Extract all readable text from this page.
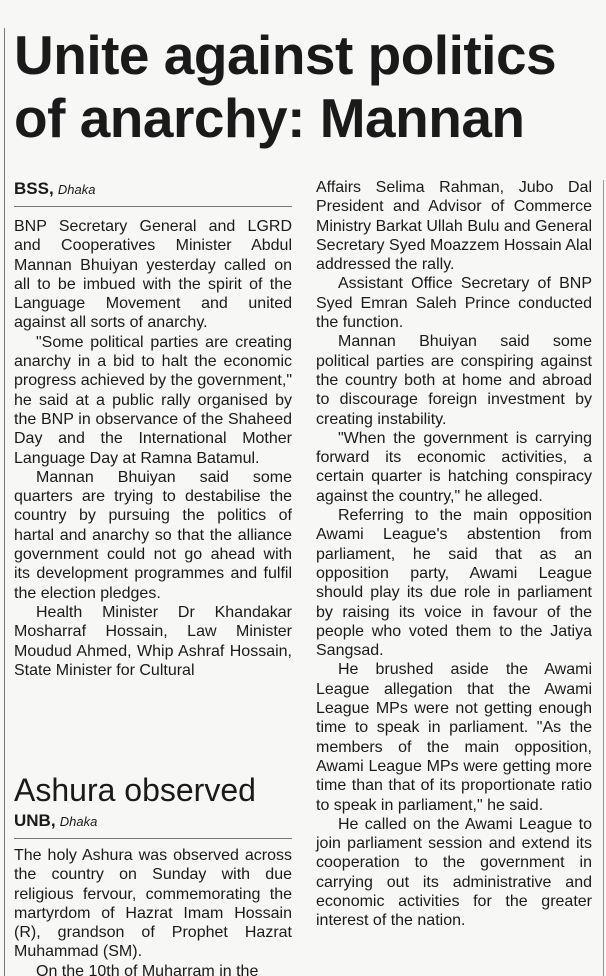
Unite against politics of anarchy: Mannan
BSS, Dhaka

BNP Secretary General and LGRD and Cooperatives Minister Abdul Mannan Bhuiyan yesterday called on all to be imbued with the spirit of the Language Movement and united against all sorts of anarchy.

"Some political parties are creating anarchy in a bid to halt the economic progress achieved by the government," he said at a public rally organised by the BNP in observance of the Shaheed Day and the International Mother Language Day at Ramna Batamul.

Mannan Bhuiyan said some quarters are trying to destabilise the country by pursuing the politics of hartal and anarchy so that the alliance government could not go ahead with its development programmes and fulfil the election pledges.

Health Minister Dr Khandakar Mosharraf Hossain, Law Minister Moudud Ahmed, Whip Ashraf Hossain, State Minister for Cultural

Affairs Selima Rahman, Jubo Dal President and Advisor of Commerce Ministry Barkat Ullah Bulu and General Secretary Syed Moazzem Hossain Alal addressed the rally.

Assistant Office Secretary of BNP Syed Emran Saleh Prince conducted the function.

Mannan Bhuiyan said some political parties are conspiring against the country both at home and abroad to discourage foreign investment by creating instability.

"When the government is carrying forward its economic activities, a certain quarter is hatching conspiracy against the country," he alleged.

Referring to the main opposition Awami League's abstention from parliament, he said that as an opposition party, Awami League should play its due role in parliament by raising its voice in favour of the people who voted them to the Jatiya Sangsad.

He brushed aside the Awami League allegation that the Awami League MPs were not getting enough time to speak in parliament. "As the members of the main opposition, Awami League MPs were getting more time than that of its proportionate ratio to speak in parliament," he said.

He called on the Awami League to join parliament session and extend its cooperation to the government in carrying out its administrative and economic activities for the greater interest of the nation.

Ashura observed
UNB, Dhaka

The holy Ashura was observed across the country on Sunday with due religious fervour, commemorating the martyrdom of Hazrat Imam Hossain (R), grandson of Prophet Hazrat Muhammad (SM).

On the 10th of Muharram in the
